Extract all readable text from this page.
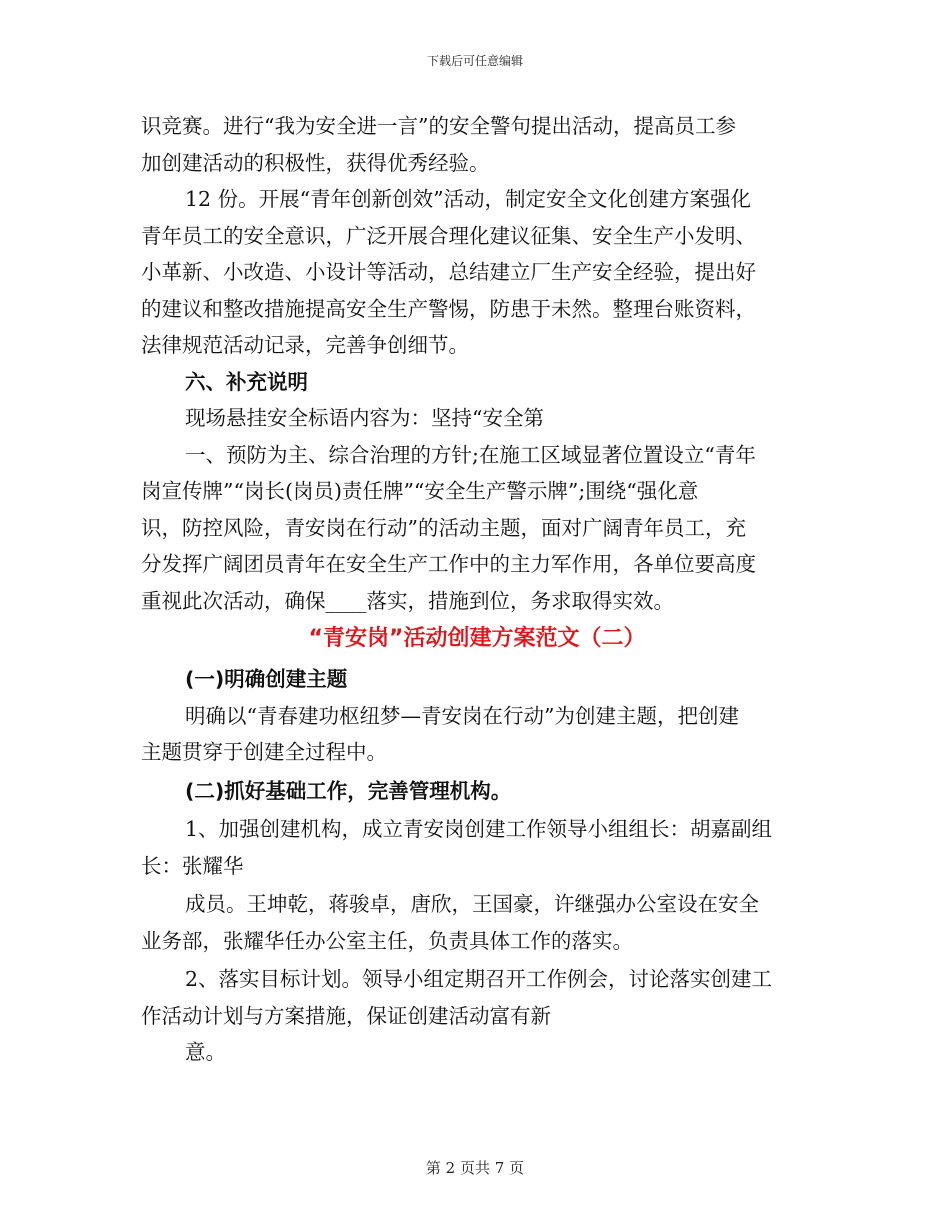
下载后可任意编辑

识竞赛。进行“我为安全进一言”的安全警句提出活动，提高员工参
加创建活动的积极性，获得优秀经验。

12 份。开展“青年创新创效”活动，制定安全文化创建方案强化
青年员工的安全意识，广泛开展合理化建议征集、安全生产小发明、
小革新、小改造、小设计等活动，总结建立厂生产安全经验，提出好
的建议和整改措施提高安全生产警惕，防患于未然。整理台账资料，
法律规范活动记录，完善争创细节。

六、补充说明

现场悬挂安全标语内容为：坚持“安全第

一、预防为主、综合治理的方针;在施工区域显著位置设立“青年
岗宣传牌”“岗长(岗员)责任牌”“安全生产警示牌”;围绕“强化意
识，防控风险，青安岗在行动”的活动主题，面对广阔青年员工，充
分发挥广阔团员青年在安全生产工作中的主力军作用，各单位要高度
重视此次活动，确保____落实，措施到位，务求取得实效。

“青安岗”活动创建方案范文（二）

(一)明确创建主题

明确以“青春建功枢纽梦—青安岗在行动”为创建主题，把创建
主题贯穿于创建全过程中。

(二)抓好基础工作，完善管理机构。

1、加强创建机构，成立青安岗创建工作领导小组组长：胡嘉副组
长：张耀华

成员。王坤乾，蒋骏卓，唐欣，王国豪，许继强办公室设在安全
业务部，张耀华任办公室主任，负责具体工作的落实。

2、落实目标计划。领导小组定期召开工作例会，讨论落实创建工
作活动计划与方案措施，保证创建活动富有新

意。

第 2 页共 7 页
